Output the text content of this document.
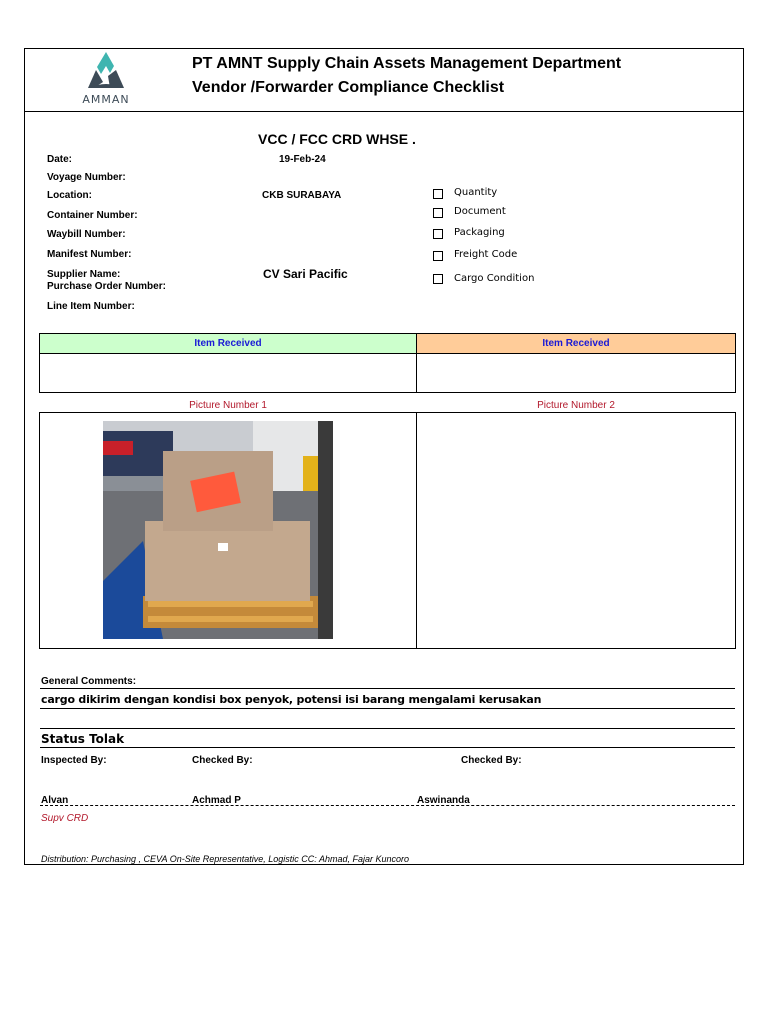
AMMAN
PT AMNT Supply Chain Assets Management Department
Vendor /Forwarder Compliance Checklist
VCC / FCC CRD WHSE .
Date:	19-Feb-24
Voyage Number:
Location:	CKB SURABAYA
Container Number:
Waybill Number:
Manifest Number:
Supplier Name:	CV Sari Pacific
Purchase Order Number:
Line Item Number:
Quantity
Document
Packaging
Freight Code
Cargo Condition
Item Received	Item Received
Picture Number 1	Picture Number 2
General Comments:
cargo dikirim dengan kondisi box penyok, potensi isi barang mengalami kerusakan
Status Tolak
Inspected By:	Checked By:	Checked By:
Alvan	Achmad P	Aswinanda
Supv CRD
Distribution: Purchasing , CEVA On-Site Representative, Logistic CC: Ahmad, Fajar Kuncoro
